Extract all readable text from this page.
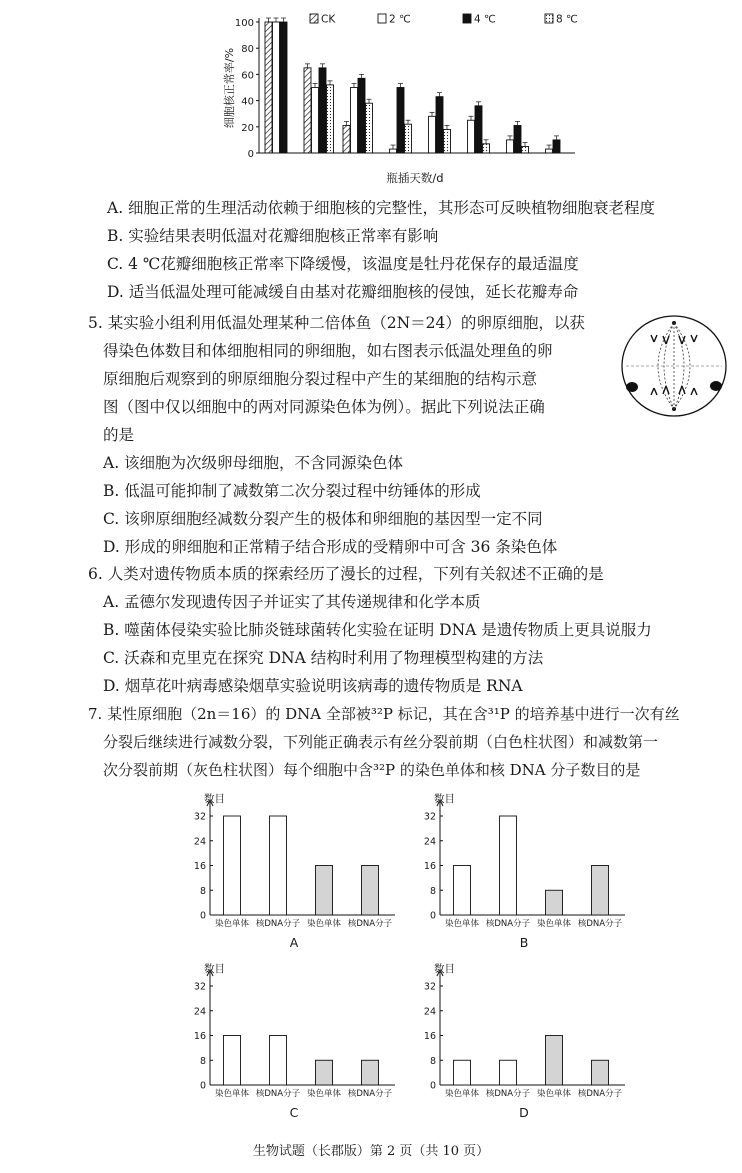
细胞核正常率/%
0
20
40
60
80
100	CK	2 ℃	4 ℃	8 ℃
瓶插天数/d
A. 细胞正常的生理活动依赖于细胞核的完整性，其形态可反映植物细胞衰老程度
B. 实验结果表明低温对花瓣细胞核正常率有影响
C. 4 ℃花瓣细胞核正常率下降缓慢，该温度是牡丹花保存的最适温度
D. 适当低温处理可能减缓自由基对花瓣细胞核的侵蚀，延长花瓣寿命
5. 某实验小组利用低温处理某种二倍体鱼（2N＝24）的卵原细胞，以获
得染色体数目和体细胞相同的卵细胞，如右图表示低温处理鱼的卵
原细胞后观察到的卵原细胞分裂过程中产生的某细胞的结构示意
图（图中仅以细胞中的两对同源染色体为例）。据此下列说法正确
的是
A. 该细胞为次级卵母细胞，不含同源染色体
B. 低温可能抑制了减数第二次分裂过程中纺锤体的形成
C. 该卵原细胞经减数分裂产生的极体和卵细胞的基因型一定不同
D. 形成的卵细胞和正常精子结合形成的受精卵中可含 36 条染色体
6. 人类对遗传物质本质的探索经历了漫长的过程，下列有关叙述不正确的是
A. 孟德尔发现遗传因子并证实了其传递规律和化学本质
B. 噬菌体侵染实验比肺炎链球菌转化实验在证明 DNA 是遗传物质上更具说服力
C. 沃森和克里克在探究 DNA 结构时利用了物理模型构建的方法
D. 烟草花叶病毒感染烟草实验说明该病毒的遗传物质是 RNA
7. 某性原细胞（2n＝16）的 DNA 全部被³²P 标记，其在含³¹P 的培养基中进行一次有丝
分裂后继续进行减数分裂，下列能正确表示有丝分裂前期（白色柱状图）和减数第一
次分裂前期（灰色柱状图）每个细胞中含³²P 的染色单体和核 DNA 分子数目的是
数目
0
8
16
24
32
染色单体 核DNA分子 染色单体 核DNA分子
A
数目
0
8
16
24
32
染色单体 核DNA分子 染色单体 核DNA分子
B
数目
0
8
16
24
32
染色单体 核DNA分子 染色单体 核DNA分子
C
数目
0
8
16
24
32
染色单体 核DNA分子 染色单体 核DNA分子
D
生物试题（长郡版）第 2 页（共 10 页）
